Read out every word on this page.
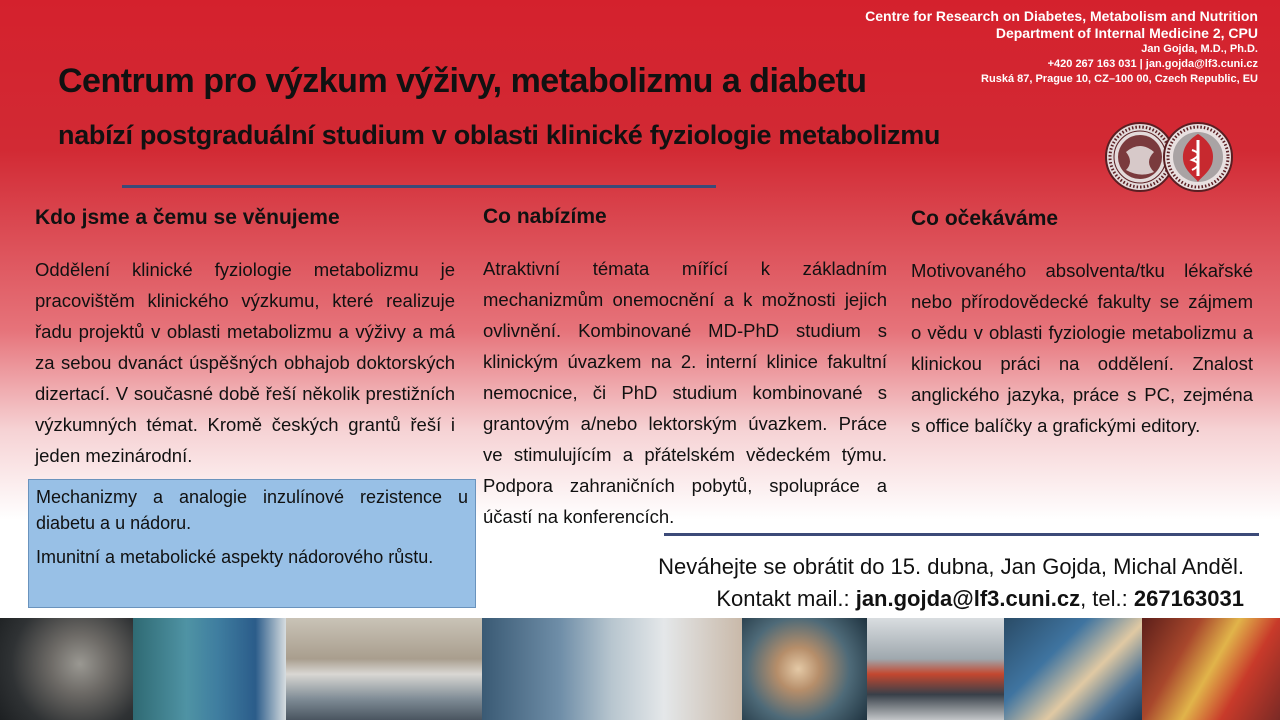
Centre for Research on Diabetes, Metabolism and Nutrition
Department of Internal Medicine 2, CPU
Jan Gojda, M.D., Ph.D.
+420 267 163 031 | jan.gojda@lf3.cuni.cz
Ruská 87, Prague 10, CZ–100 00, Czech Republic, EU
Centrum pro výzkum výživy, metabolizmu a diabetu
nabízí postgraduální studium v oblasti klinické fyziologie metabolizmu
Kdo jsme a čemu se věnujeme
Oddělení klinické fyziologie metabolizmu je pracovištěm klinického výzkumu, které realizuje řadu projektů v oblasti metabolizmu a výživy a má za sebou dvanáct úspěšných obhajob doktorských dizertací. V současné době řeší několik prestižních výzkumných témat. Kromě českých grantů řeší i jeden mezinárodní.
Co nabízíme
Atraktivní témata mířící k základním mechanizmům onemocnění a k možnosti jejich ovlivnění. Kombinované MD-PhD studium s klinickým úvazkem na 2. interní klinice fakultní nemocnice, či PhD studium kombinované s grantovým a/nebo lektorským úvazkem. Práce ve stimulujícím a přátelském vědeckém týmu. Podpora zahraničních pobytů, spolupráce a účastí na konferencích.
Co očekáváme
Motivovaného absolventa/tku lékařské nebo přírodovědecké fakulty se zájmem o vědu v oblasti fyziologie metabolizmu a klinickou práci na oddělení. Znalost anglického jazyka, práce s PC, zejména s office balíčky a grafickými editory.
Mechanizmy a analogie inzulínové rezistence u diabetu a u nádoru.
Imunitní a metabolické aspekty nádorového růstu.	Neváhejte se obrátit do 15. dubna, Jan Gojda, Michal Anděl.
Kontakt mail.: jan.gojda@lf3.cuni.cz, tel.: 267163031
